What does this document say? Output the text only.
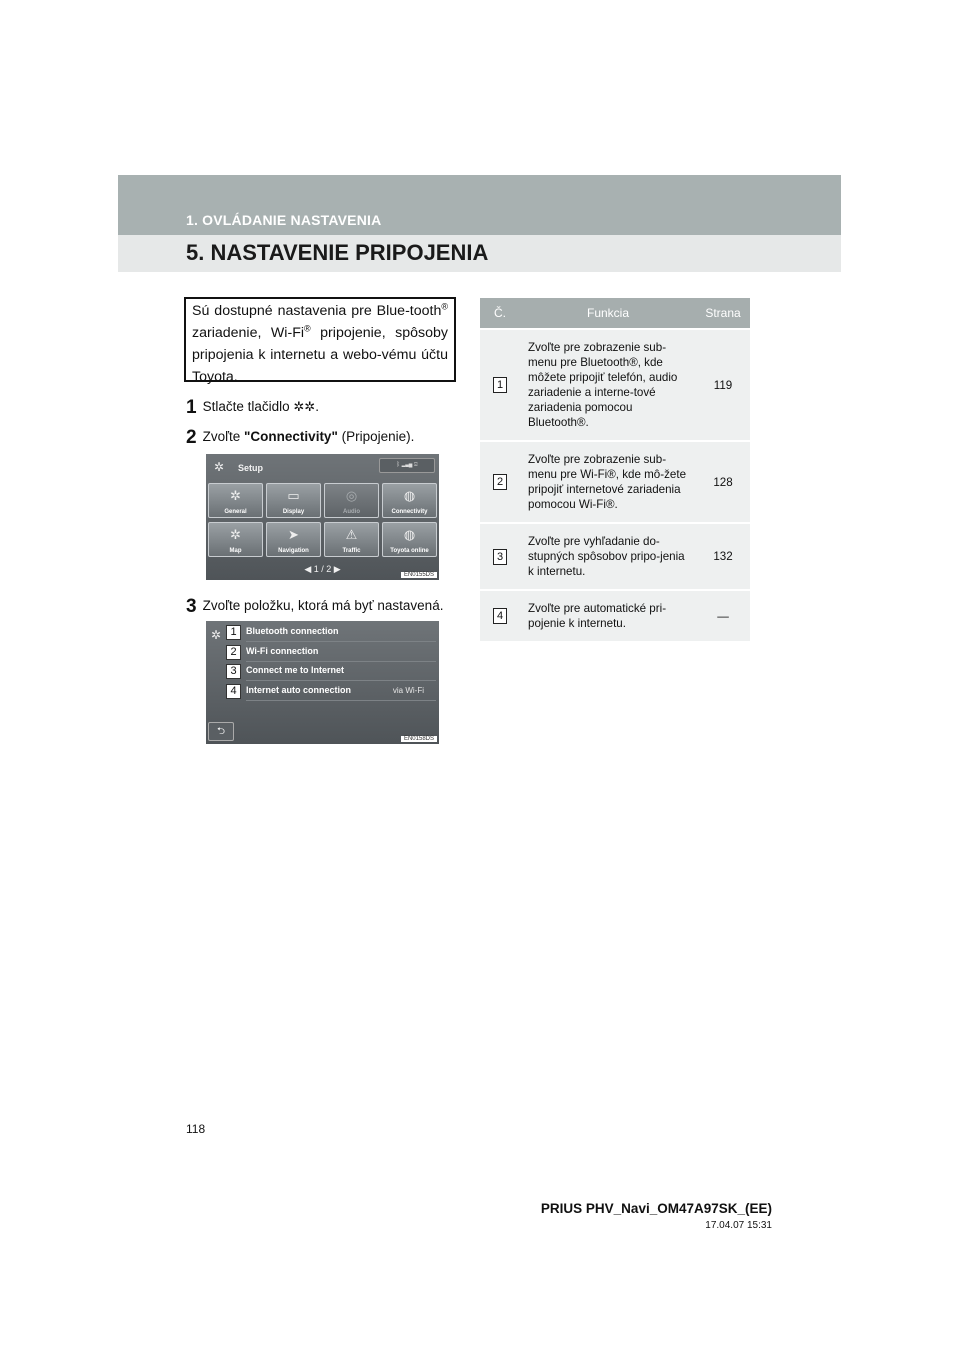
1. OVLÁDANIE NASTAVENIA
5. NASTAVENIE PRIPOJENIA
Sú dostupné nastavenia pre Blue-tooth® zariadenie, Wi-Fi® pripojenie, spôsoby pripojenia k internetu a webo-vému účtu Toyota.
1 Stlačte tlačidlo ✲✲.
2 Zvoľte "Connectivity" (Pripojenie).
✲ Setup	ᛒ ▂▃▅ ✉
✲
General
▭
Display
◎
Audio
◍
Connectivity
✲
Map
➤
Navigation
⚠
Traffic
◍
Toyota online
◀ 1 / 2 ▶
EN0155DS
3 Zvoľte položku, ktorá má byť nastavená.
✲ 1	Bluetooth connection
2	Wi-Fi connection
3	Connect me to Internet
4	Internet auto connection	via Wi-Fi
⮌
EN0158DS
Č.	Funkcia	Strana
1	Zvoľte pre zobrazenie sub-menu pre Bluetooth®, kde môžete pripojiť telefón, audio zariadenie a interne-tové zariadenia pomocou Bluetooth®.	119
2	Zvoľte pre zobrazenie sub-menu pre Wi-Fi®, kde mô-žete pripojiť internetové zariadenia pomocou Wi-Fi®.	128
3	Zvoľte pre vyhľadanie do-stupných spôsobov pripo-jenia k internetu.	132
4	Zvoľte pre automatické pri-pojenie k internetu.	—
118
PRIUS PHV_Navi_OM47A97SK_(EE)
17.04.07 15:31
